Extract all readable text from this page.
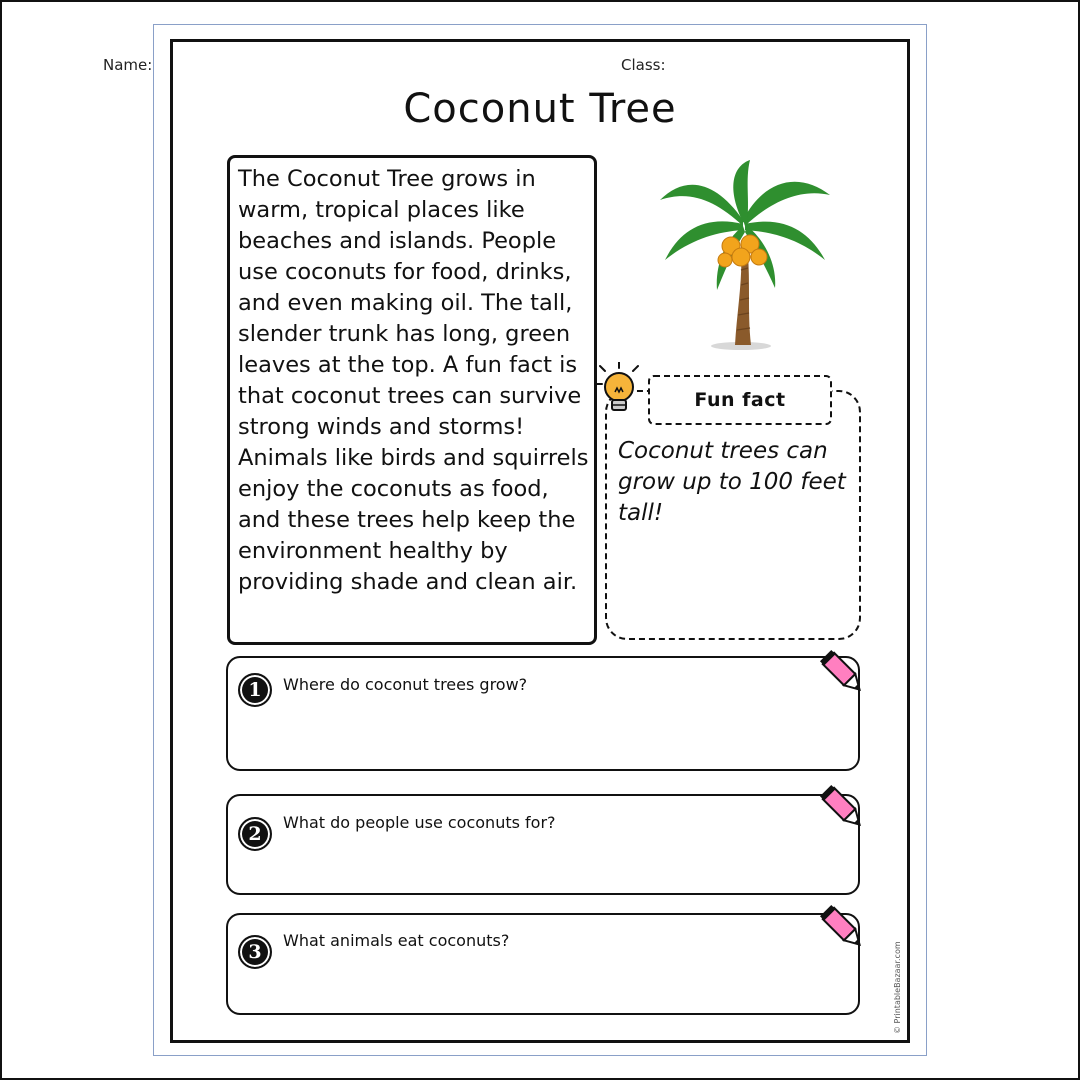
Name:	Class:
Coconut Tree

The Coconut Tree grows in warm, tropical places like beaches and islands. People use coconuts for food, drinks, and even making oil. The tall, slender trunk has long, green leaves at the top. A fun fact is that coconut trees can survive strong winds and storms! Animals like birds and squirrels enjoy the coconuts as food, and these trees help keep the environment healthy by providing shade and clean air.

Fun fact

Coconut trees can grow up to 100 feet tall!

1	Where do coconut trees grow?
2
What do people use coconuts for?
3
What animals eat coconuts?
© PrintableBazaar.com
